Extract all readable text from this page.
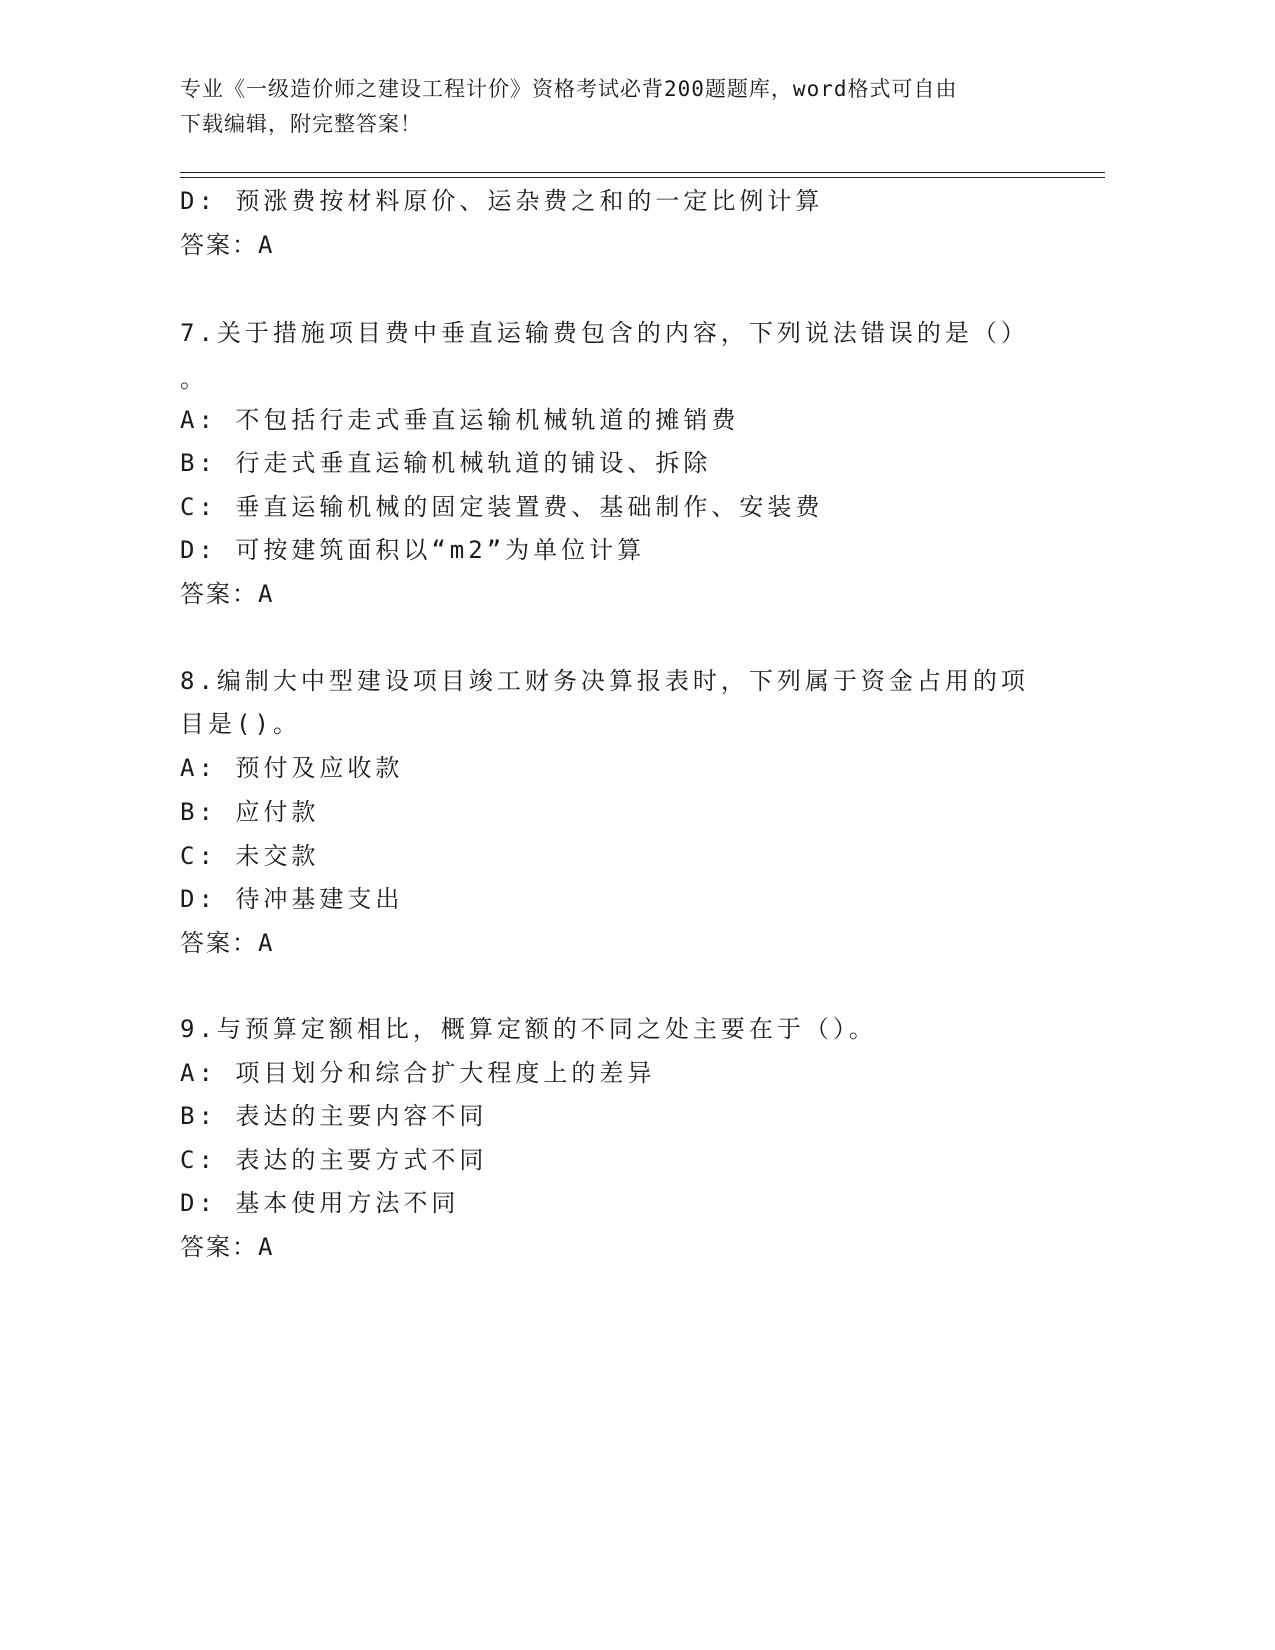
专业《一级造价师之建设工程计价》资格考试必背200题题库，word格式可自由
下载编辑，附完整答案！
D: 预涨费按材料原价、运杂费之和的一定比例计算
答案：A
7.关于措施项目费中垂直运输费包含的内容，下列说法错误的是（）
。
A: 不包括行走式垂直运输机械轨道的摊销费
B: 行走式垂直运输机械轨道的铺设、拆除
C: 垂直运输机械的固定装置费、基础制作、安装费
D: 可按建筑面积以“m2”为单位计算
答案：A
8.编制大中型建设项目竣工财务决算报表时，下列属于资金占用的项
目是()。
A: 预付及应收款
B: 应付款
C: 未交款
D: 待冲基建支出
答案：A
9.与预算定额相比，概算定额的不同之处主要在于（）。
A: 项目划分和综合扩大程度上的差异
B: 表达的主要内容不同
C: 表达的主要方式不同
D: 基本使用方法不同
答案：A
